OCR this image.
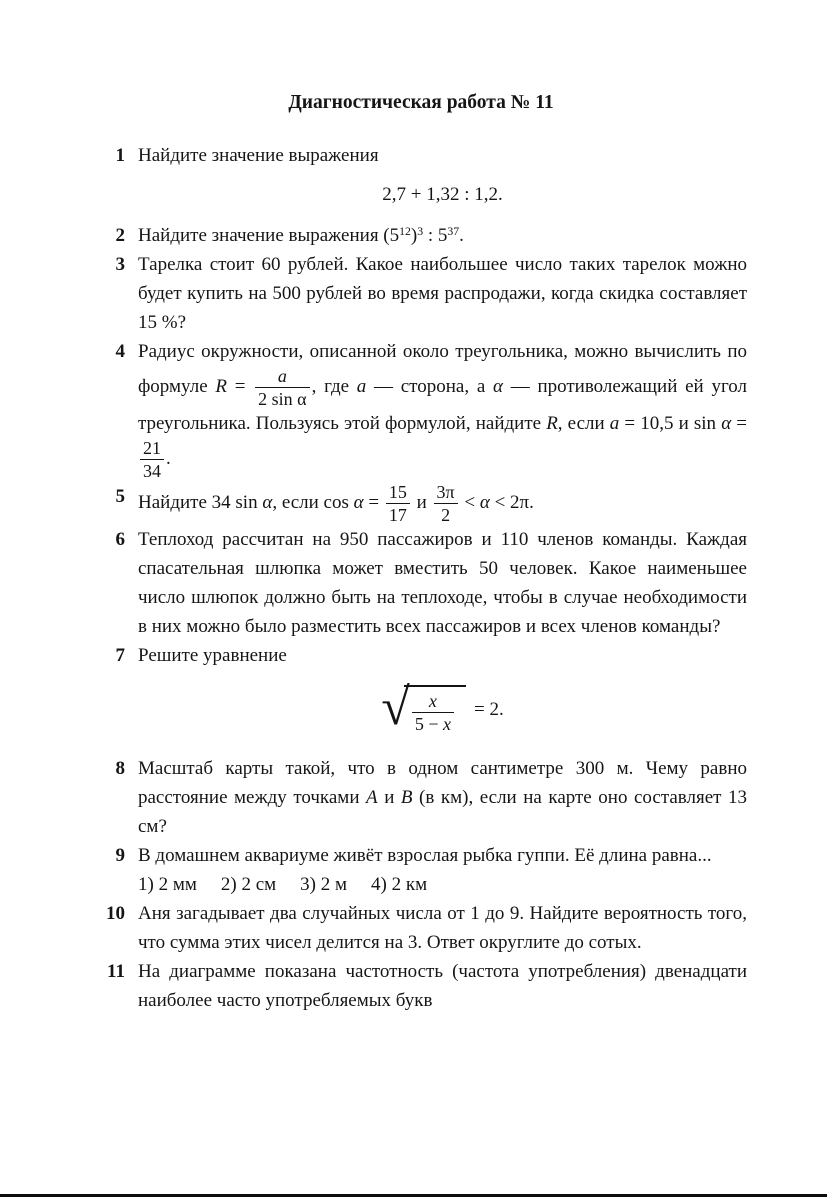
Диагностическая работа № 11
1 Найдите значение выражения
2,7 + 1,32 : 1,2.
2 Найдите значение выражения $(5^{12})^3$ : $5^{37}$.
3 Тарелка стоит 60 рублей. Какое наибольшее число таких тарелок можно будет купить на 500 рублей во время распродажи, когда скидка составляет 15 %?
4 Радиус окружности, описанной около треугольника, можно вычислить по формуле $R = \frac{a}{\text{2 sin α}}$ , где a — сторона, а α — противолежащий ей угол треугольника. Пользуясь этой формулой, найдите R, если a = 10,5 и sin α =
$\frac{21}{34}$ .
5 Найдите 34 sin α, если $\cos \alpha = \frac{15}{17}$ и $\frac{3\pi}{2} < \alpha < 2\pi$.
6 Теплоход рассчитан на 950 пассажиров и 110 членов команды. Каждая спасательная шлюпка может вместить 50 человек. Какое наименьшее число шлюпок должно быть на теплоходе, чтобы в случае необходимости в них можно было разместить всех пассажиров и всех членов команды?
7 Решите уравнение
√ $\frac{x}{5 - x} = 2$.
8 Масштаб карты такой, что в одном сантиметре 300 м. Чему равно расстояние между точками A и B (в км), если на карте оно составляет 13 см?
9 В домашнем аквариуме живёт взрослая рыбка гуппи. Её длина равна...
1) 2 мм 2) 2 см 3) 2 м 4) 2 км
10 Аня загадывает два случайных числа от 1 до 9. Найдите вероятность того, что сумма этих чисел делится на 3. Ответ округлите до сотых.
11 На диаграмме показана частотность (частота употребления) двенадцати наиболее часто употребляемых букв
